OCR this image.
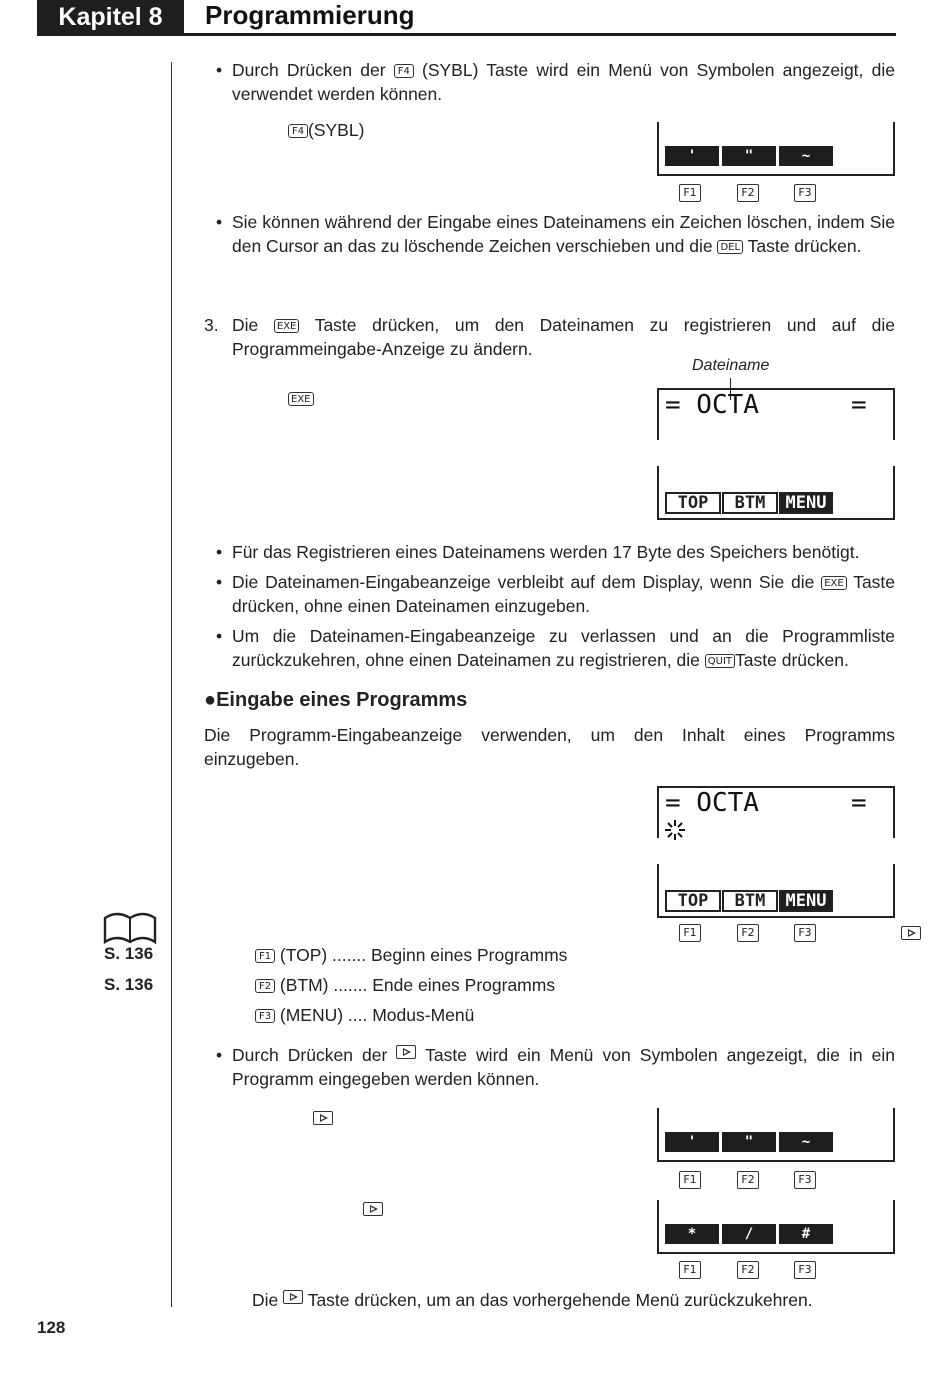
Kapitel 8	Programmierung
• Durch Drücken der F4 (SYBL) Taste wird ein Menü von Symbolen angezeigt, die verwendet werden können.
F4 (SYBL)
'	"	~
F1	F2	F3
• Sie können während der Eingabe eines Dateinamens ein Zeichen löschen, indem Sie den Cursor an das zu löschende Zeichen verschieben und die DEL Taste drücken.
3. Die EXE Taste drücken, um den Dateinamen zu registrieren und auf die Programmeingabe-Anzeige zu ändern.
Dateiname
EXE	= OCTA	=
TOP	BTM	MENU
• Für das Registrieren eines Dateinamens werden 17 Byte des Speichers benötigt.
• Die Dateinamen-Eingabeanzeige verbleibt auf dem Display, wenn Sie die EXE Taste drücken, ohne einen Dateinamen einzugeben.
• Um die Dateinamen-Eingabeanzeige zu verlassen und an die Programmliste zurückzukehren, ohne einen Dateinamen zu registrieren, die QUIT Taste drücken.
●Eingabe eines Programms
Die Programm-Eingabeanzeige verwenden, um den Inhalt eines Programms einzugeben.
= OCTA	=
TOP	BTM	MENU
F1	F2	F3

S. 136
S. 136
F1 (TOP) ....... Beginn eines Programms
F2 (BTM) ....... Ende eines Programms
F3 (MENU) .... Modus-Menü
• Durch Drücken der Taste wird ein Menü von Symbolen angezeigt, die in ein Programm eingegeben werden können.

'	"	~
F1	F2	F3

*	/	#
F1	F2	F3
Die Taste drücken, um an das vorhergehende Menü zurückzukehren.
128
